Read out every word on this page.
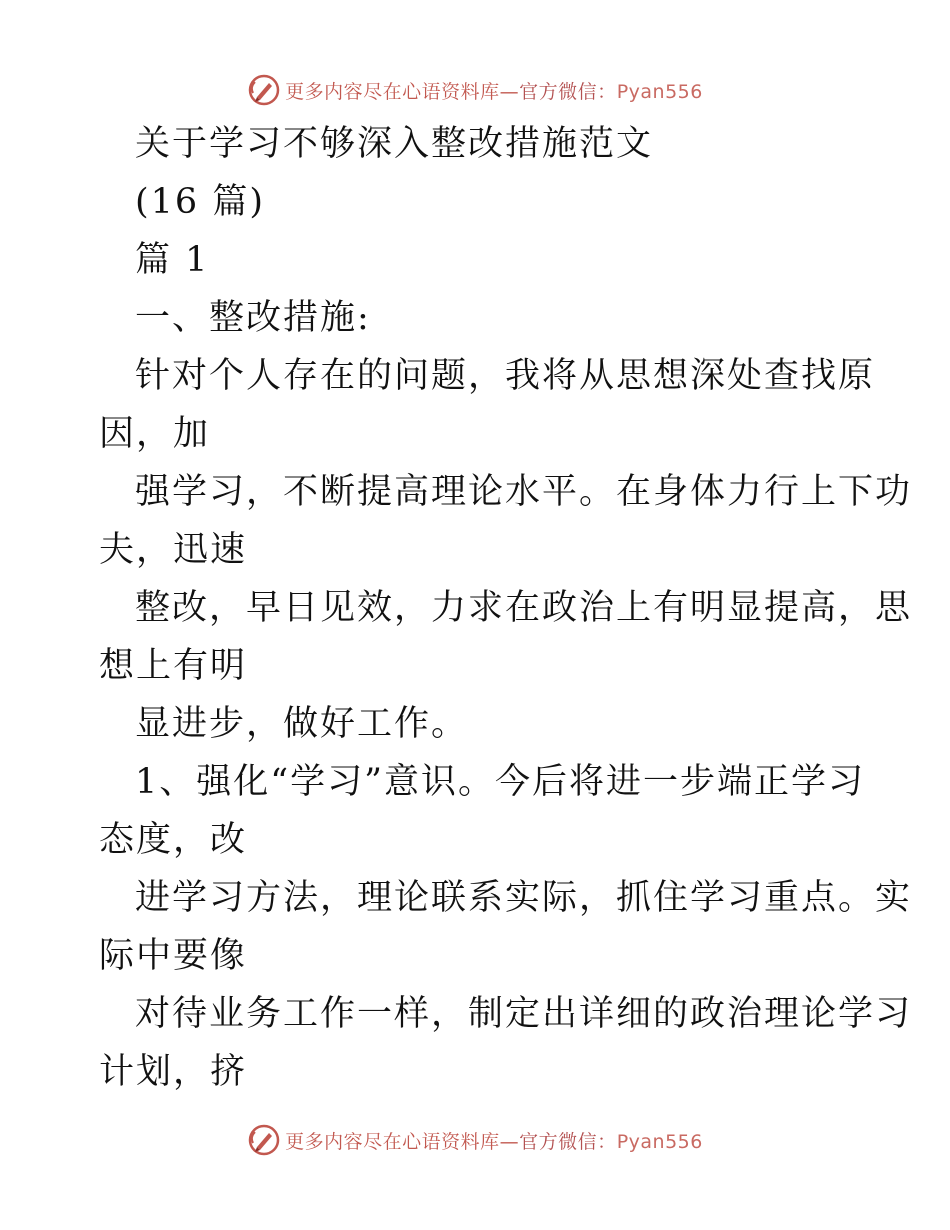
更多内容尽在心语资料库—官方微信：Pyan556
关于学习不够深入整改措施范文
(16 篇)
篇 1
一、整改措施:
针对个人存在的问题，我将从思想深处查找原
因，加
强学习，不断提高理论水平。在身体力行上下功
夫，迅速
整改，早日见效，力求在政治上有明显提高，思
想上有明
显进步，做好工作。
1、强化“学习”意识。今后将进一步端正学习
态度，改
进学习方法，理论联系实际，抓住学习重点。实
际中要像
对待业务工作一样，制定出详细的政治理论学习
计划，挤
更多内容尽在心语资料库—官方微信：Pyan556
